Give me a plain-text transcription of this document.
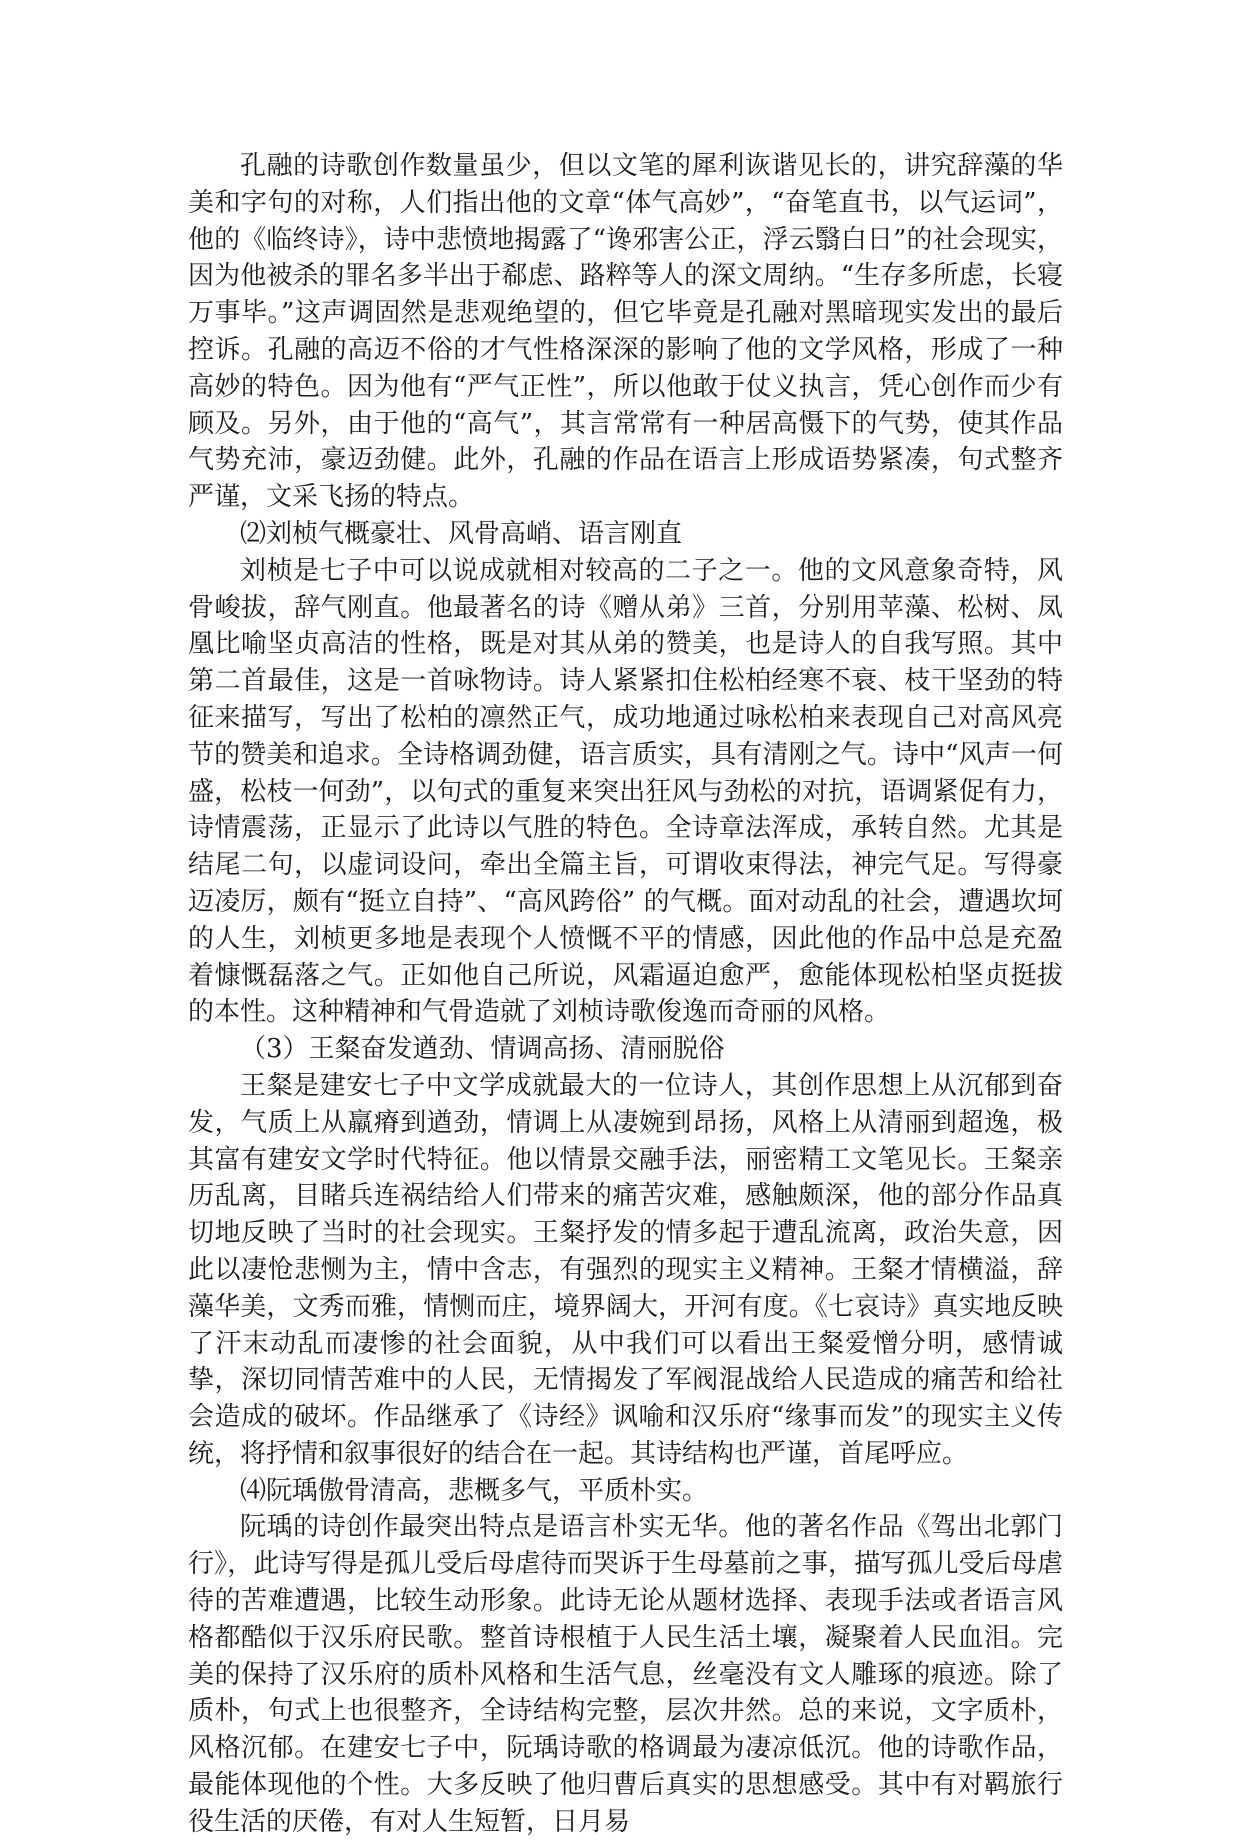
孔融的诗歌创作数量虽少，但以文笔的犀利诙谐见长的，讲究辞藻的华美和字句的对称，人们指出他的文章“体气高妙”，“奋笔直书，以气运词”，他的《临终诗》，诗中悲愤地揭露了“谗邪害公正，浮云翳白日”的社会现实，因为他被杀的罪名多半出于郗虑、路粹等人的深文周纳。“生存多所虑，长寝万事毕。”这声调固然是悲观绝望的，但它毕竟是孔融对黑暗现实发出的最后控诉。孔融的高迈不俗的才气性格深深的影响了他的文学风格，形成了一种高妙的特色。因为他有“严气正性”，所以他敢于仗义执言，凭心创作而少有顾及。另外，由于他的“高气”，其言常常有一种居高慑下的气势，使其作品气势充沛，豪迈劲健。此外，孔融的作品在语言上形成语势紧凑，句式整齐严谨，文采飞扬的特点。

⑵刘桢气概豪壮、风骨高峭、语言刚直

刘桢是七子中可以说成就相对较高的二子之一。他的文风意象奇特，风骨峻拔，辞气刚直。他最著名的诗《赠从弟》三首，分别用苹藻、松树、凤凰比喻坚贞高洁的性格，既是对其从弟的赞美，也是诗人的自我写照。其中第二首最佳，这是一首咏物诗。诗人紧紧扣住松柏经寒不衰、枝干坚劲的特征来描写，写出了松柏的凛然正气，成功地通过咏松柏来表现自己对高风亮节的赞美和追求。全诗格调劲健，语言质实，具有清刚之气。诗中“风声一何盛，松枝一何劲”，以句式的重复来突出狂风与劲松的对抗，语调紧促有力，诗情震荡，正显示了此诗以气胜的特色。全诗章法浑成，承转自然。尤其是结尾二句，以虚词设问，牵出全篇主旨，可谓收束得法，神完气足。写得豪迈凌厉，颇有“挺立自持”、“高风跨俗” 的气概。面对动乱的社会，遭遇坎坷的人生，刘桢更多地是表现个人愤慨不平的情感，因此他的作品中总是充盈着慷慨磊落之气。正如他自己所说，风霜逼迫愈严，愈能体现松柏坚贞挺拔的本性。这种精神和气骨造就了刘桢诗歌俊逸而奇丽的风格。

（3）王粲奋发遒劲、情调高扬、清丽脱俗

王粲是建安七子中文学成就最大的一位诗人，其创作思想上从沉郁到奋发，气质上从羸瘠到遒劲，情调上从凄婉到昂扬，风格上从清丽到超逸，极其富有建安文学时代特征。他以情景交融手法，丽密精工文笔见长。王粲亲历乱离，目睹兵连祸结给人们带来的痛苦灾难，感触颇深，他的部分作品真切地反映了当时的社会现实。王粲抒发的情多起于遭乱流离，政治失意，因此以凄怆悲恻为主，情中含志，有强烈的现实主义精神。王粲才情横溢，辞藻华美，文秀而雅，情恻而庄，境界阔大，开河有度。《七哀诗》真实地反映了汗末动乱而凄惨的社会面貌，从中我们可以看出王粲爱憎分明，感情诚挚，深切同情苦难中的人民，无情揭发了军阀混战给人民造成的痛苦和给社会造成的破坏。作品继承了《诗经》讽喻和汉乐府“缘事而发”的现实主义传统，将抒情和叙事很好的结合在一起。其诗结构也严谨，首尾呼应。

⑷阮瑀傲骨清高，悲概多气，平质朴实。

阮瑀的诗创作最突出特点是语言朴实无华。他的著名作品《驾出北郭门行》，此诗写得是孤儿受后母虐待而哭诉于生母墓前之事，描写孤儿受后母虐待的苦难遭遇，比较生动形象。此诗无论从题材选择、表现手法或者语言风格都酷似于汉乐府民歌。整首诗根植于人民生活土壤，凝聚着人民血泪。完美的保持了汉乐府的质朴风格和生活气息，丝毫没有文人雕琢的痕迹。除了质朴，句式上也很整齐，全诗结构完整，层次井然。总的来说，文字质朴，风格沉郁。在建安七子中，阮瑀诗歌的格调最为凄凉低沉。他的诗歌作品，最能体现他的个性。大多反映了他归曹后真实的思想感受。其中有对羁旅行役生活的厌倦，有对人生短暂，日月易
